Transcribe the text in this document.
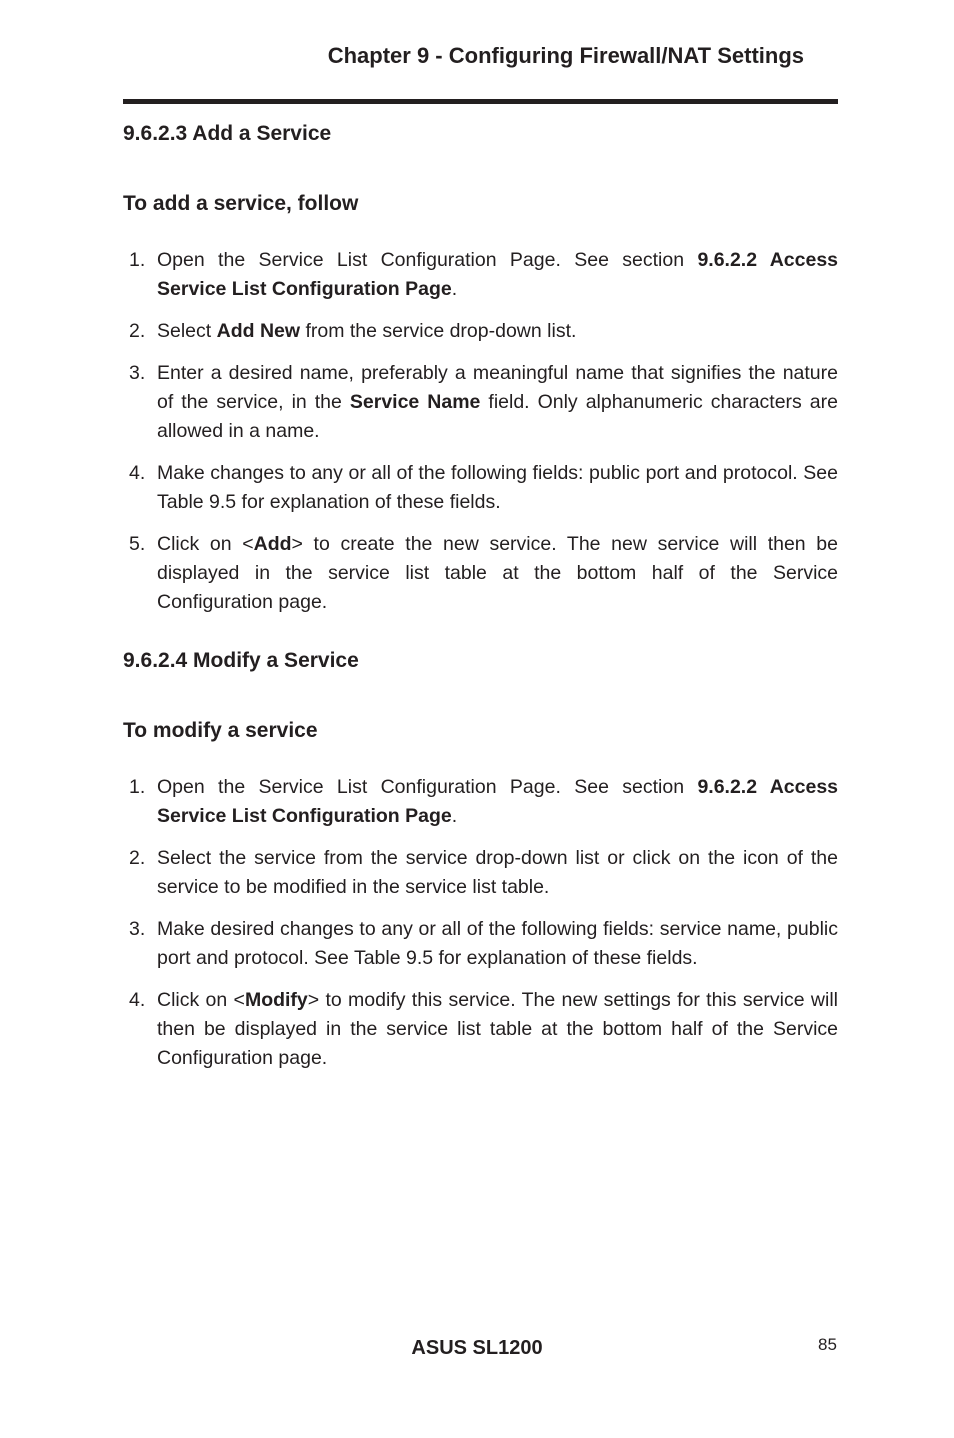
Chapter 9 - Configuring Firewall/NAT Settings
9.6.2.3 Add a Service
To add a service, follow
1. Open the Service List Configuration Page. See section 9.6.2.2 Access Service List Configuration Page.
2. Select Add New from the service drop-down list.
3. Enter a desired name, preferably a meaningful name that signifies the nature of the service, in the Service Name field. Only alphanumeric characters are allowed in a name.
4. Make changes to any or all of the following fields: public port and protocol. See Table 9.5 for explanation of these fields.
5. Click on <Add> to create the new service. The new service will then be displayed in the service list table at the bottom half of the Service Configuration page.
9.6.2.4 Modify a Service
To modify a service
1. Open the Service List Configuration Page. See section 9.6.2.2 Access Service List Configuration Page.
2. Select the service from the service drop-down list or click on the icon of the service to be modified in the service list table.
3. Make desired changes to any or all of the following fields: service name, public port and protocol. See Table 9.5 for explanation of these fields.
4. Click on <Modify> to modify this service. The new settings for this service will then be displayed in the service list table at the bottom half of the Service Configuration page.
ASUS SL1200	85
